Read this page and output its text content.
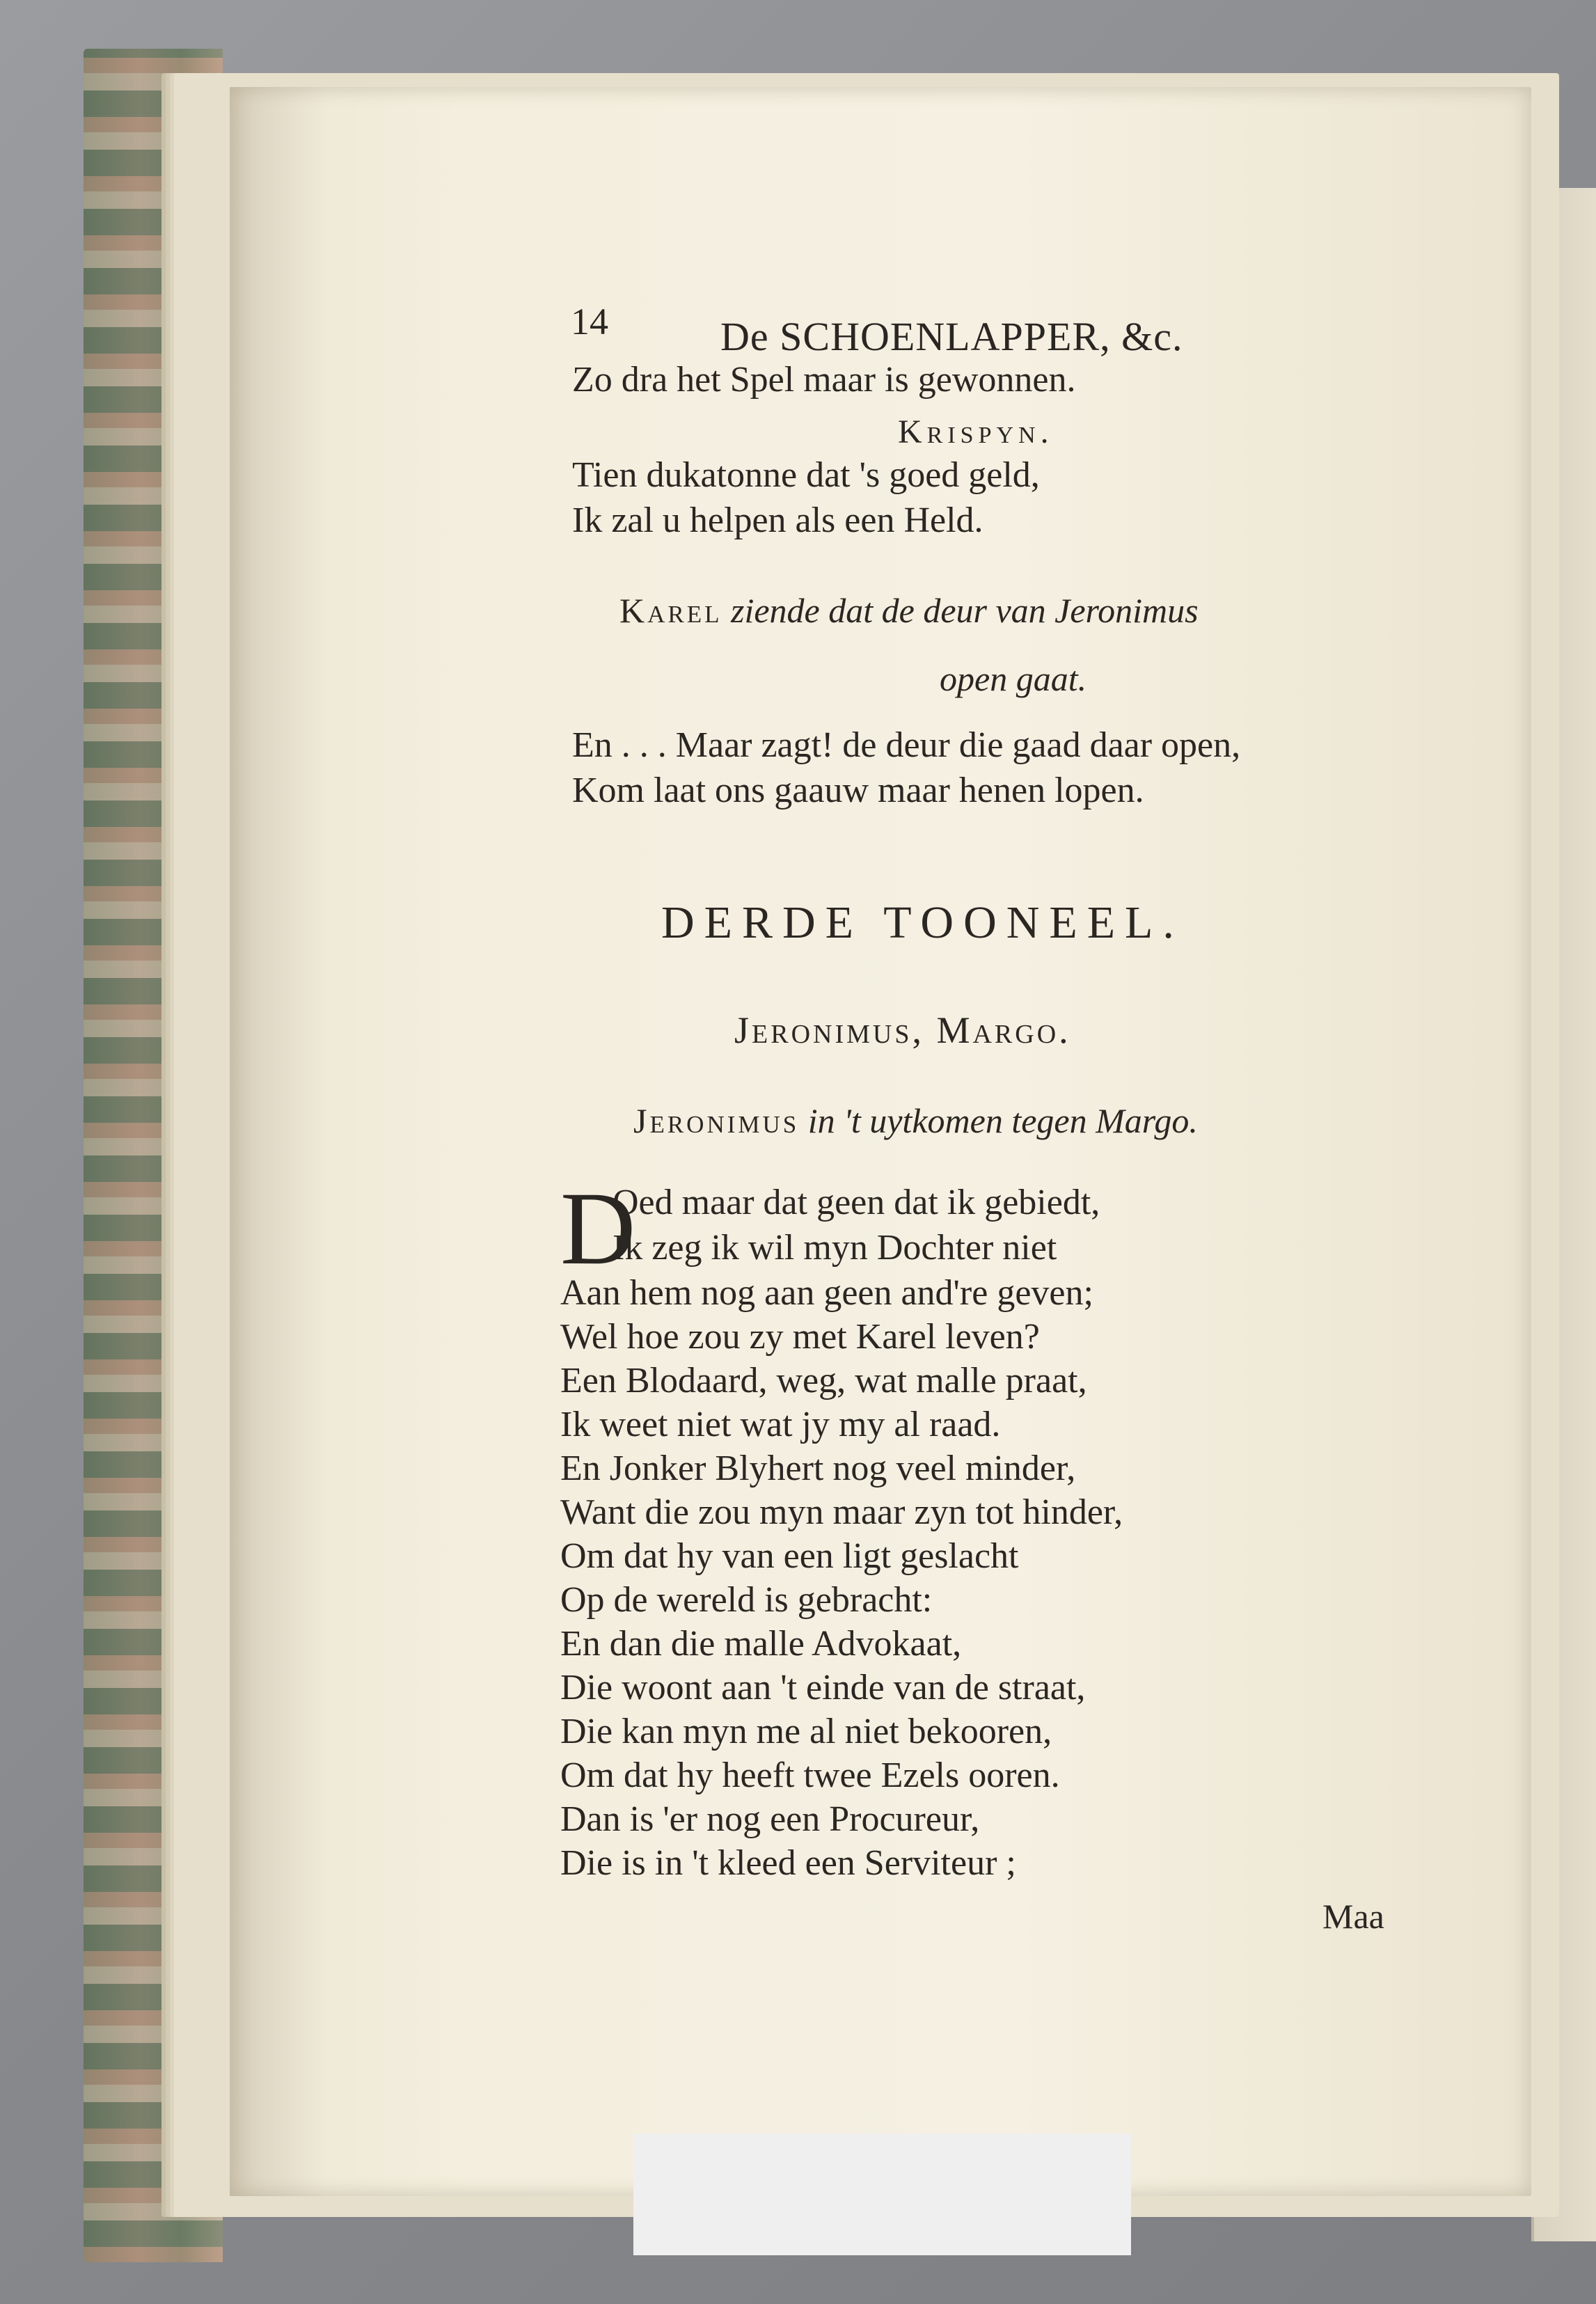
14	De SCHOENLAPPER, &c.
Zo dra het Spel maar is gewonnen.
Krispyn.
Tien dukatonne dat 's goed geld,
Ik zal u helpen als een Held.
Karel ziende dat de deur van Jeronimus
open gaat.
En . . . Maar zagt! de deur die gaad daar open,
Kom laat ons gaauw maar henen lopen.
DERDE TOONEEL.
Jeronimus, Margo.
Jeronimus in 't uytkomen tegen Margo.
D
Oed maar dat geen dat ik gebiedt,
Ik zeg ik wil myn Dochter niet
Aan hem nog aan geen and're geven;
Wel hoe zou zy met Karel leven?
Een Blodaard, weg, wat malle praat,
Ik weet niet wat jy my al raad.
En Jonker Blyhert nog veel minder,
Want die zou myn maar zyn tot hinder,
Om dat hy van een ligt geslacht
Op de wereld is gebracht:
En dan die malle Advokaat,
Die woont aan 't einde van de straat,
Die kan myn me al niet bekooren,
Om dat hy heeft twee Ezels ooren.
Dan is 'er nog een Procureur,
Die is in 't kleed een Serviteur ;
Maa
